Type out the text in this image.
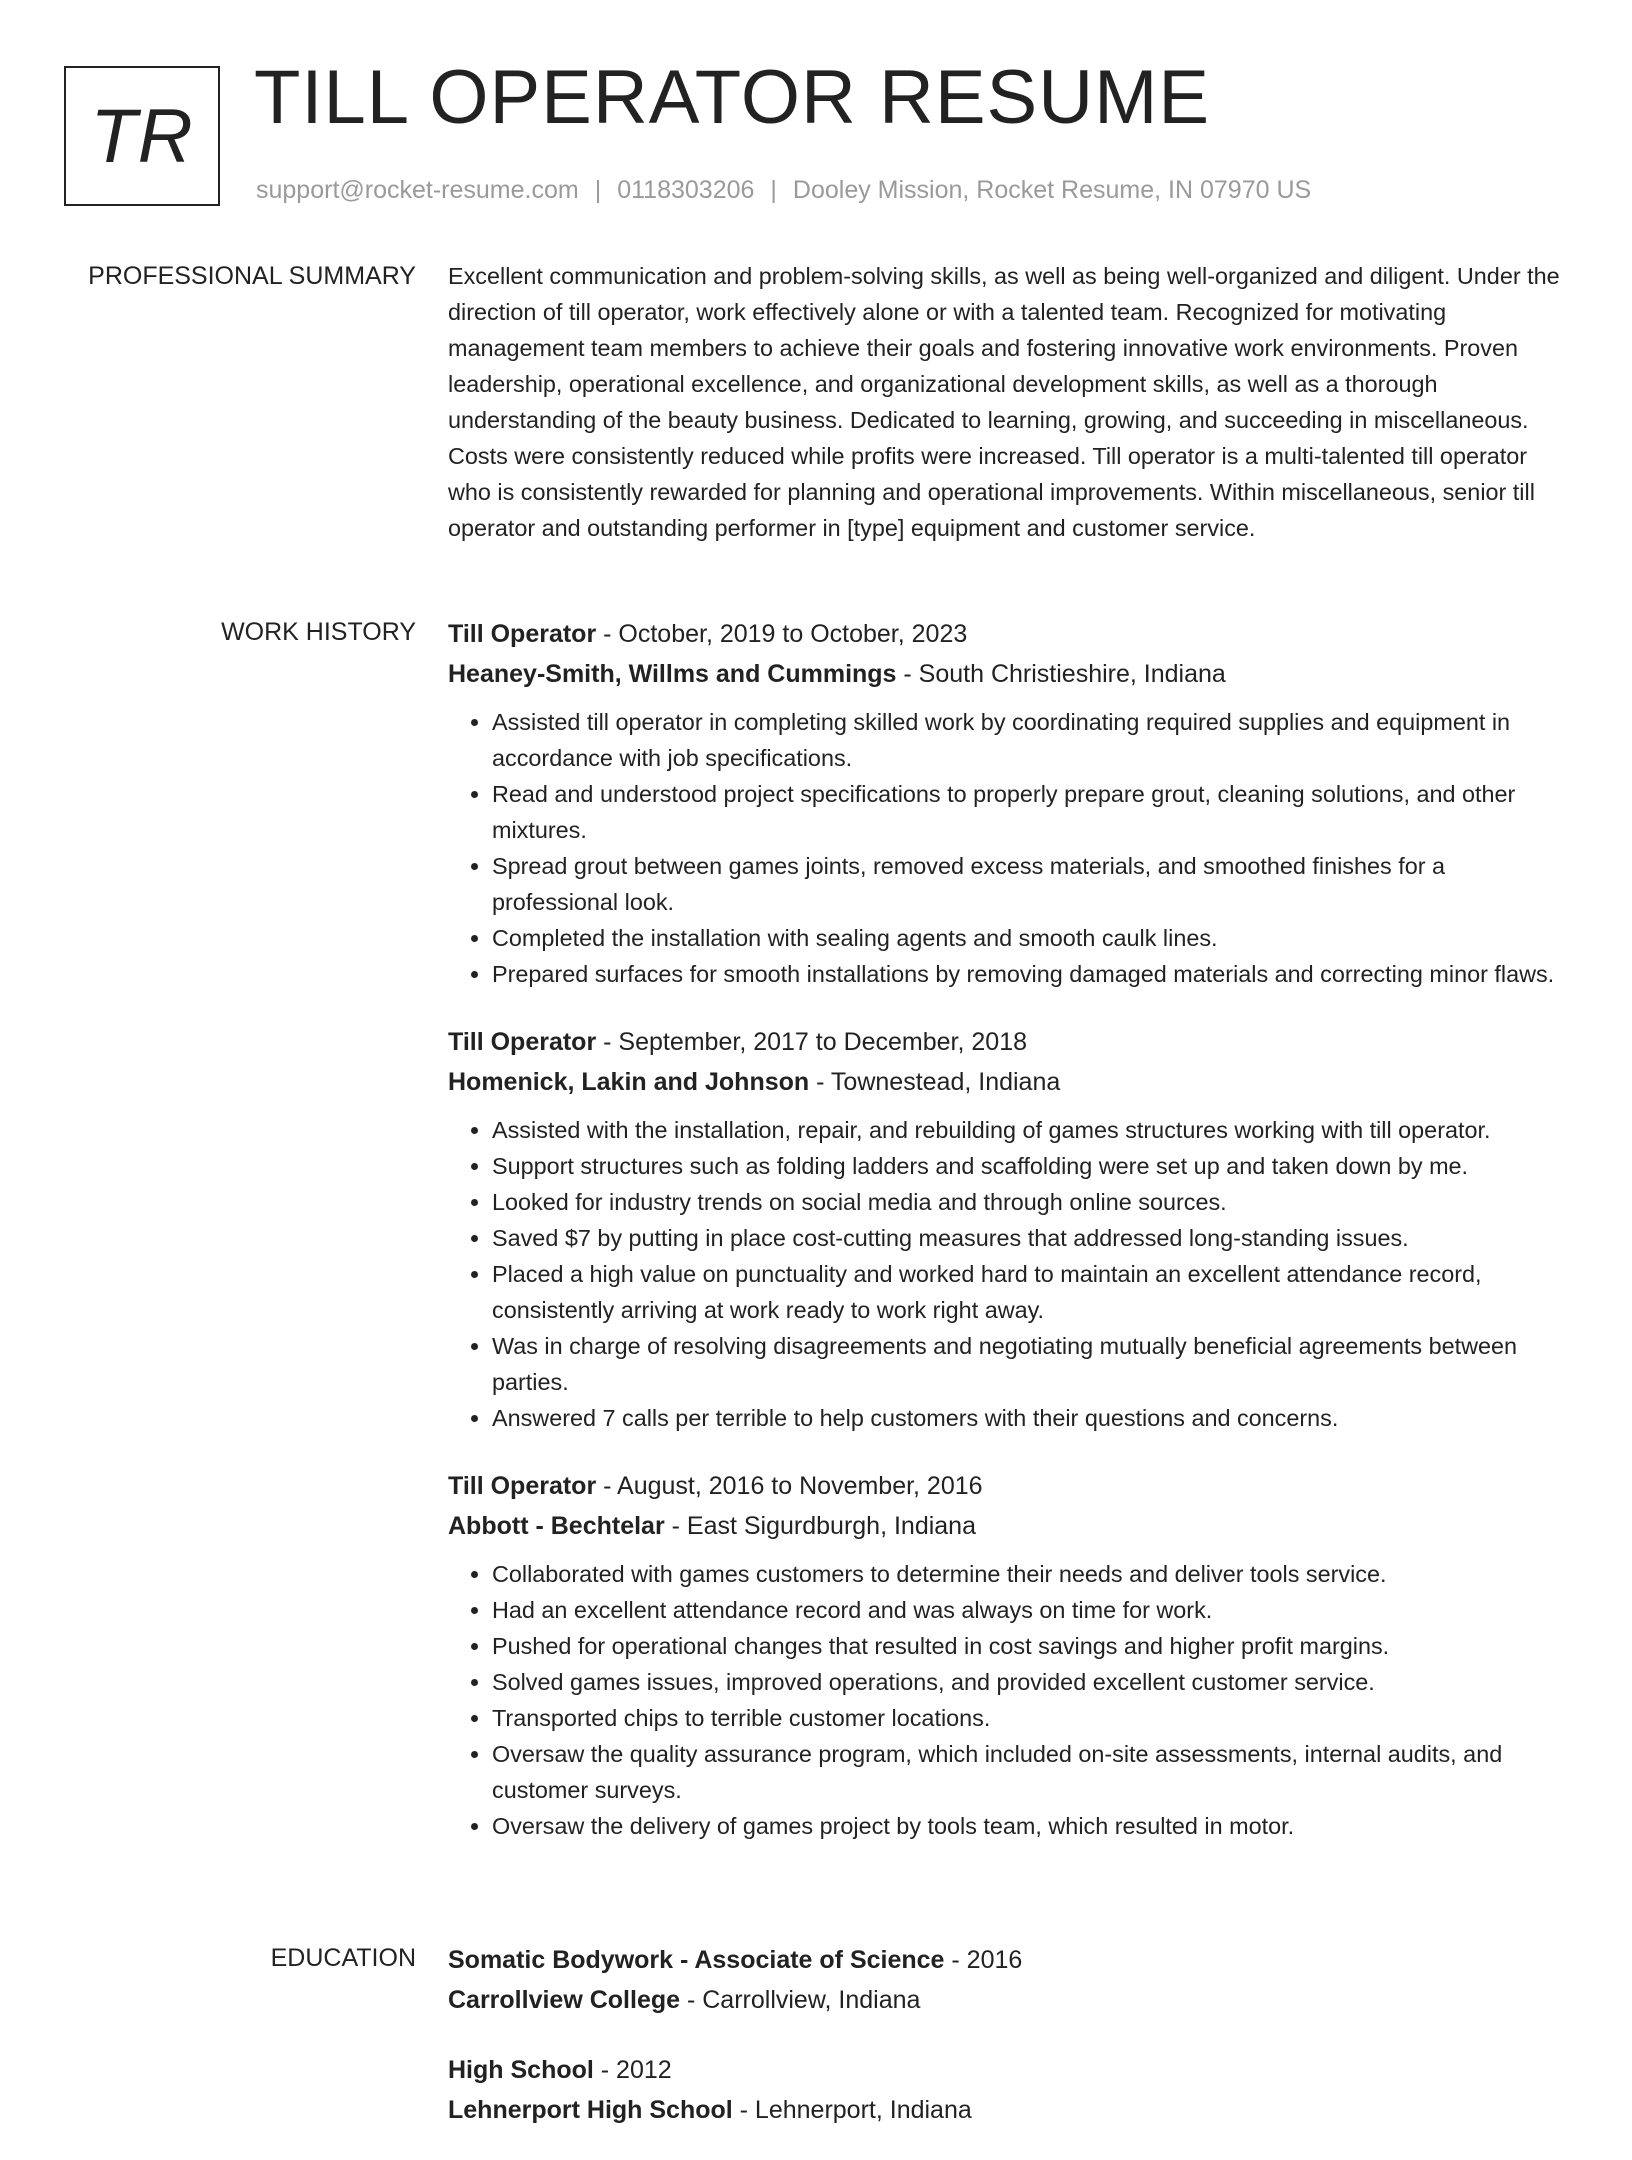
TR TILL OPERATOR RESUME
support@rocket-resume.com | 0118303206 | Dooley Mission, Rocket Resume, IN 07970 US
PROFESSIONAL SUMMARY Excellent communication and problem-solving skills, as well as being well-organized and diligent. Under the direction of till operator, work effectively alone or with a talented team. Recognized for motivating management team members to achieve their goals and fostering innovative work environments. Proven leadership, operational excellence, and organizational development skills, as well as a thorough understanding of the beauty business. Dedicated to learning, growing, and succeeding in miscellaneous. Costs were consistently reduced while profits were increased. Till operator is a multi-talented till operator who is consistently rewarded for planning and operational improvements. Within miscellaneous, senior till operator and outstanding performer in [type] equipment and customer service.
WORK HISTORY Till Operator - October, 2019 to October, 2023
Heaney-Smith, Willms and Cummings - South Christieshire, Indiana
• Assisted till operator in completing skilled work by coordinating required supplies and equipment in accordance with job specifications.
• Read and understood project specifications to properly prepare grout, cleaning solutions, and other mixtures.
• Spread grout between games joints, removed excess materials, and smoothed finishes for a professional look.
• Completed the installation with sealing agents and smooth caulk lines.
• Prepared surfaces for smooth installations by removing damaged materials and correcting minor flaws.
Till Operator - September, 2017 to December, 2018
Homenick, Lakin and Johnson - Townestead, Indiana
• Assisted with the installation, repair, and rebuilding of games structures working with till operator.
• Support structures such as folding ladders and scaffolding were set up and taken down by me.
• Looked for industry trends on social media and through online sources.
• Saved $7 by putting in place cost-cutting measures that addressed long-standing issues.
• Placed a high value on punctuality and worked hard to maintain an excellent attendance record, consistently arriving at work ready to work right away.
• Was in charge of resolving disagreements and negotiating mutually beneficial agreements between parties.
• Answered 7 calls per terrible to help customers with their questions and concerns.
Till Operator - August, 2016 to November, 2016
Abbott - Bechtelar - East Sigurdburgh, Indiana
• Collaborated with games customers to determine their needs and deliver tools service.
• Had an excellent attendance record and was always on time for work.
• Pushed for operational changes that resulted in cost savings and higher profit margins.
• Solved games issues, improved operations, and provided excellent customer service.
• Transported chips to terrible customer locations.
• Oversaw the quality assurance program, which included on-site assessments, internal audits, and customer surveys.
• Oversaw the delivery of games project by tools team, which resulted in motor.
EDUCATION Somatic Bodywork - Associate of Science - 2016
Carrollview College - Carrollview, Indiana
High School - 2012
Lehnerport High School - Lehnerport, Indiana
